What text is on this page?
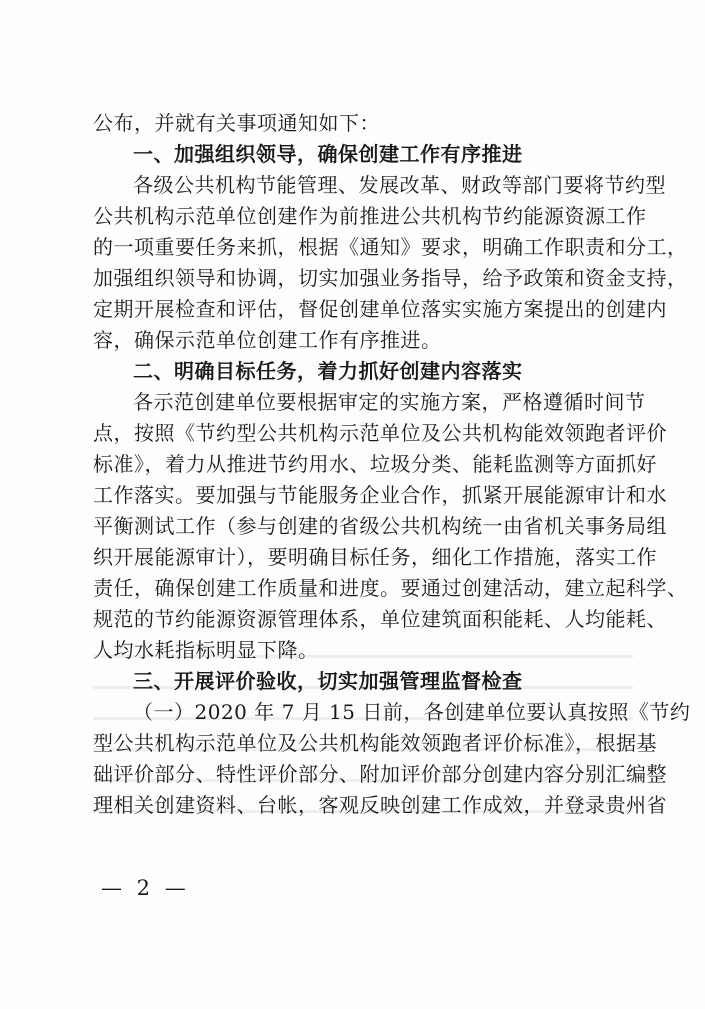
公布，并就有关事项通知如下：
一、加强组织领导，确保创建工作有序推进
各级公共机构节能管理、发展改革、财政等部门要将节约型
公共机构示范单位创建作为前推进公共机构节约能源资源工作
的一项重要任务来抓，根据《通知》要求，明确工作职责和分工，
加强组织领导和协调，切实加强业务指导，给予政策和资金支持，
定期开展检查和评估，督促创建单位落实实施方案提出的创建内
容，确保示范单位创建工作有序推进。
二、明确目标任务，着力抓好创建内容落实
各示范创建单位要根据审定的实施方案，严格遵循时间节
点，按照《节约型公共机构示范单位及公共机构能效领跑者评价
标准》，着力从推进节约用水、垃圾分类、能耗监测等方面抓好
工作落实。要加强与节能服务企业合作，抓紧开展能源审计和水
平衡测试工作（参与创建的省级公共机构统一由省机关事务局组
织开展能源审计），要明确目标任务，细化工作措施，落实工作
责任，确保创建工作质量和进度。要通过创建活动，建立起科学、
规范的节约能源资源管理体系，单位建筑面积能耗、人均能耗、
人均水耗指标明显下降。
三、开展评价验收，切实加强管理监督检查
（一）2020 年 7 月 15 日前，各创建单位要认真按照《节约
型公共机构示范单位及公共机构能效领跑者评价标准》，根据基
础评价部分、特性评价部分、附加评价部分创建内容分别汇编整
理相关创建资料、台帐，客观反映创建工作成效，并登录贵州省
— 2 —
